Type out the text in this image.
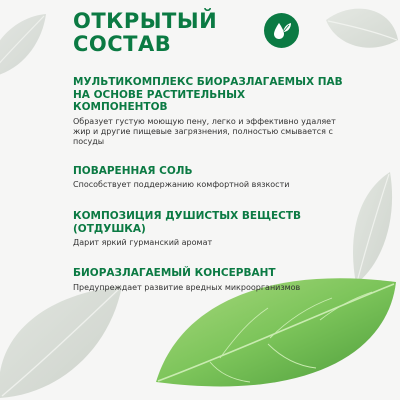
ОТКРЫТЫЙ
СОСТАВ

МУЛЬТИКОМПЛЕКС БИОРАЗЛАГАЕМЫХ ПАВ НА ОСНОВЕ РАСТИТЕЛЬНЫХ КОМПОНЕНТОВ

Образует густую моющую пену, легко и эффективно удаляет жир и другие пищевые загрязнения, полностью смывается с посуды

ПОВАРЕННАЯ СОЛЬ

Способствует поддержанию комфортной вязкости

КОМПОЗИЦИЯ ДУШИСТЫХ ВЕЩЕСТВ (ОТДУШКА)

Дарит яркий гурманский аромат

БИОРАЗЛАГАЕМЫЙ КОНСЕРВАНТ

Предупреждает развитие вредных микроорганизмов
